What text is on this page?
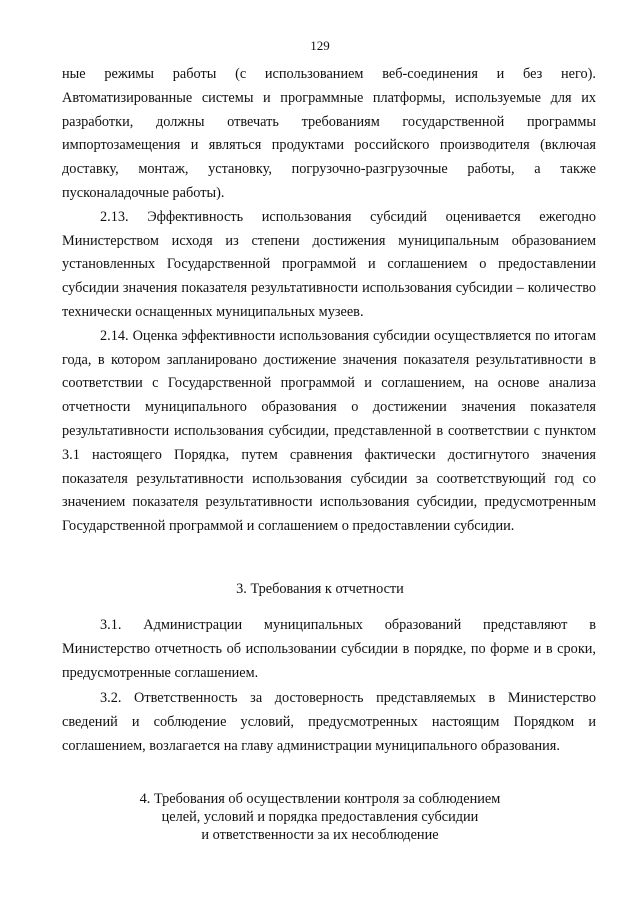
129

ные режимы работы (с использованием веб-соединения и без него). Автоматизированные системы и программные платформы, используемые для их разработки, должны отвечать требованиям государственной программы импортозамещения и являться продуктами российского производителя (включая доставку, монтаж, установку, погрузочно-разгрузочные работы, а также пусконаладочные работы).

2.13. Эффективность использования субсидий оценивается ежегодно Министерством исходя из степени достижения муниципальным образованием установленных Государственной программой и соглашением о предоставлении субсидии значения показателя результативности использования субсидии – количество технически оснащенных муниципальных музеев.

2.14. Оценка эффективности использования субсидии осуществляется по итогам года, в котором запланировано достижение значения показателя результативности в соответствии с Государственной программой и соглашением, на основе анализа отчетности муниципального образования о достижении значения показателя результативности использования субсидии, представленной в соответствии с пунктом 3.1 настоящего Порядка, путем сравнения фактически достигнутого значения показателя результативности использования субсидии за соответствующий год со значением показателя результативности использования субсидии, предусмотренным Государственной программой и соглашением о предоставлении субсидии.

3. Требования к отчетности

3.1. Администрации муниципальных образований представляют в Министерство отчетность об использовании субсидии в порядке, по форме и в сроки, предусмотренные соглашением.

3.2. Ответственность за достоверность представляемых в Министерство сведений и соблюдение условий, предусмотренных настоящим Порядком и соглашением, возлагается на главу администрации муниципального образования.

4. Требования об осуществлении контроля за соблюдением
целей, условий и порядка предоставления субсидии
и ответственности за их несоблюдение
